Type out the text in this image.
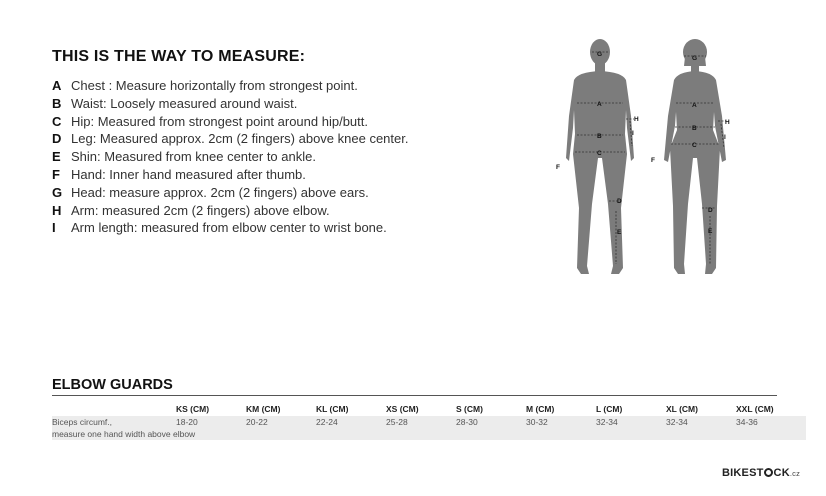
THIS IS THE WAY TO MEASURE:
A Chest : Measure horizontally from strongest point.
B Waist: Loosely measured around waist.
C Hip: Measured from strongest point around hip/butt.
D Leg: Measured approx. 2cm (2 fingers) above knee center.
E Shin: Measured from knee center to ankle.
F Hand: Inner hand measured after thumb.
G Head: measure approx. 2cm (2 fingers) above ears.
H Arm: measured 2cm (2 fingers) above elbow.
I Arm length: measured from elbow center to wrist bone.
A
B
C
D
E
F
G
H
I
A
B
C
D
E
F
G
H
I
ELBOW GUARDS
	KS (CM)	KM (CM)	KL (CM)	XS (CM)	S (CM)	M (CM)	L (CM)	XL (CM)	XXL (CM)
Biceps circumf.,	18-20	20-22	22-24	25-28	28-30	30-32	32-34	32-34	34-36
measure one hand width above elbow									
BIKEST CK.cz
